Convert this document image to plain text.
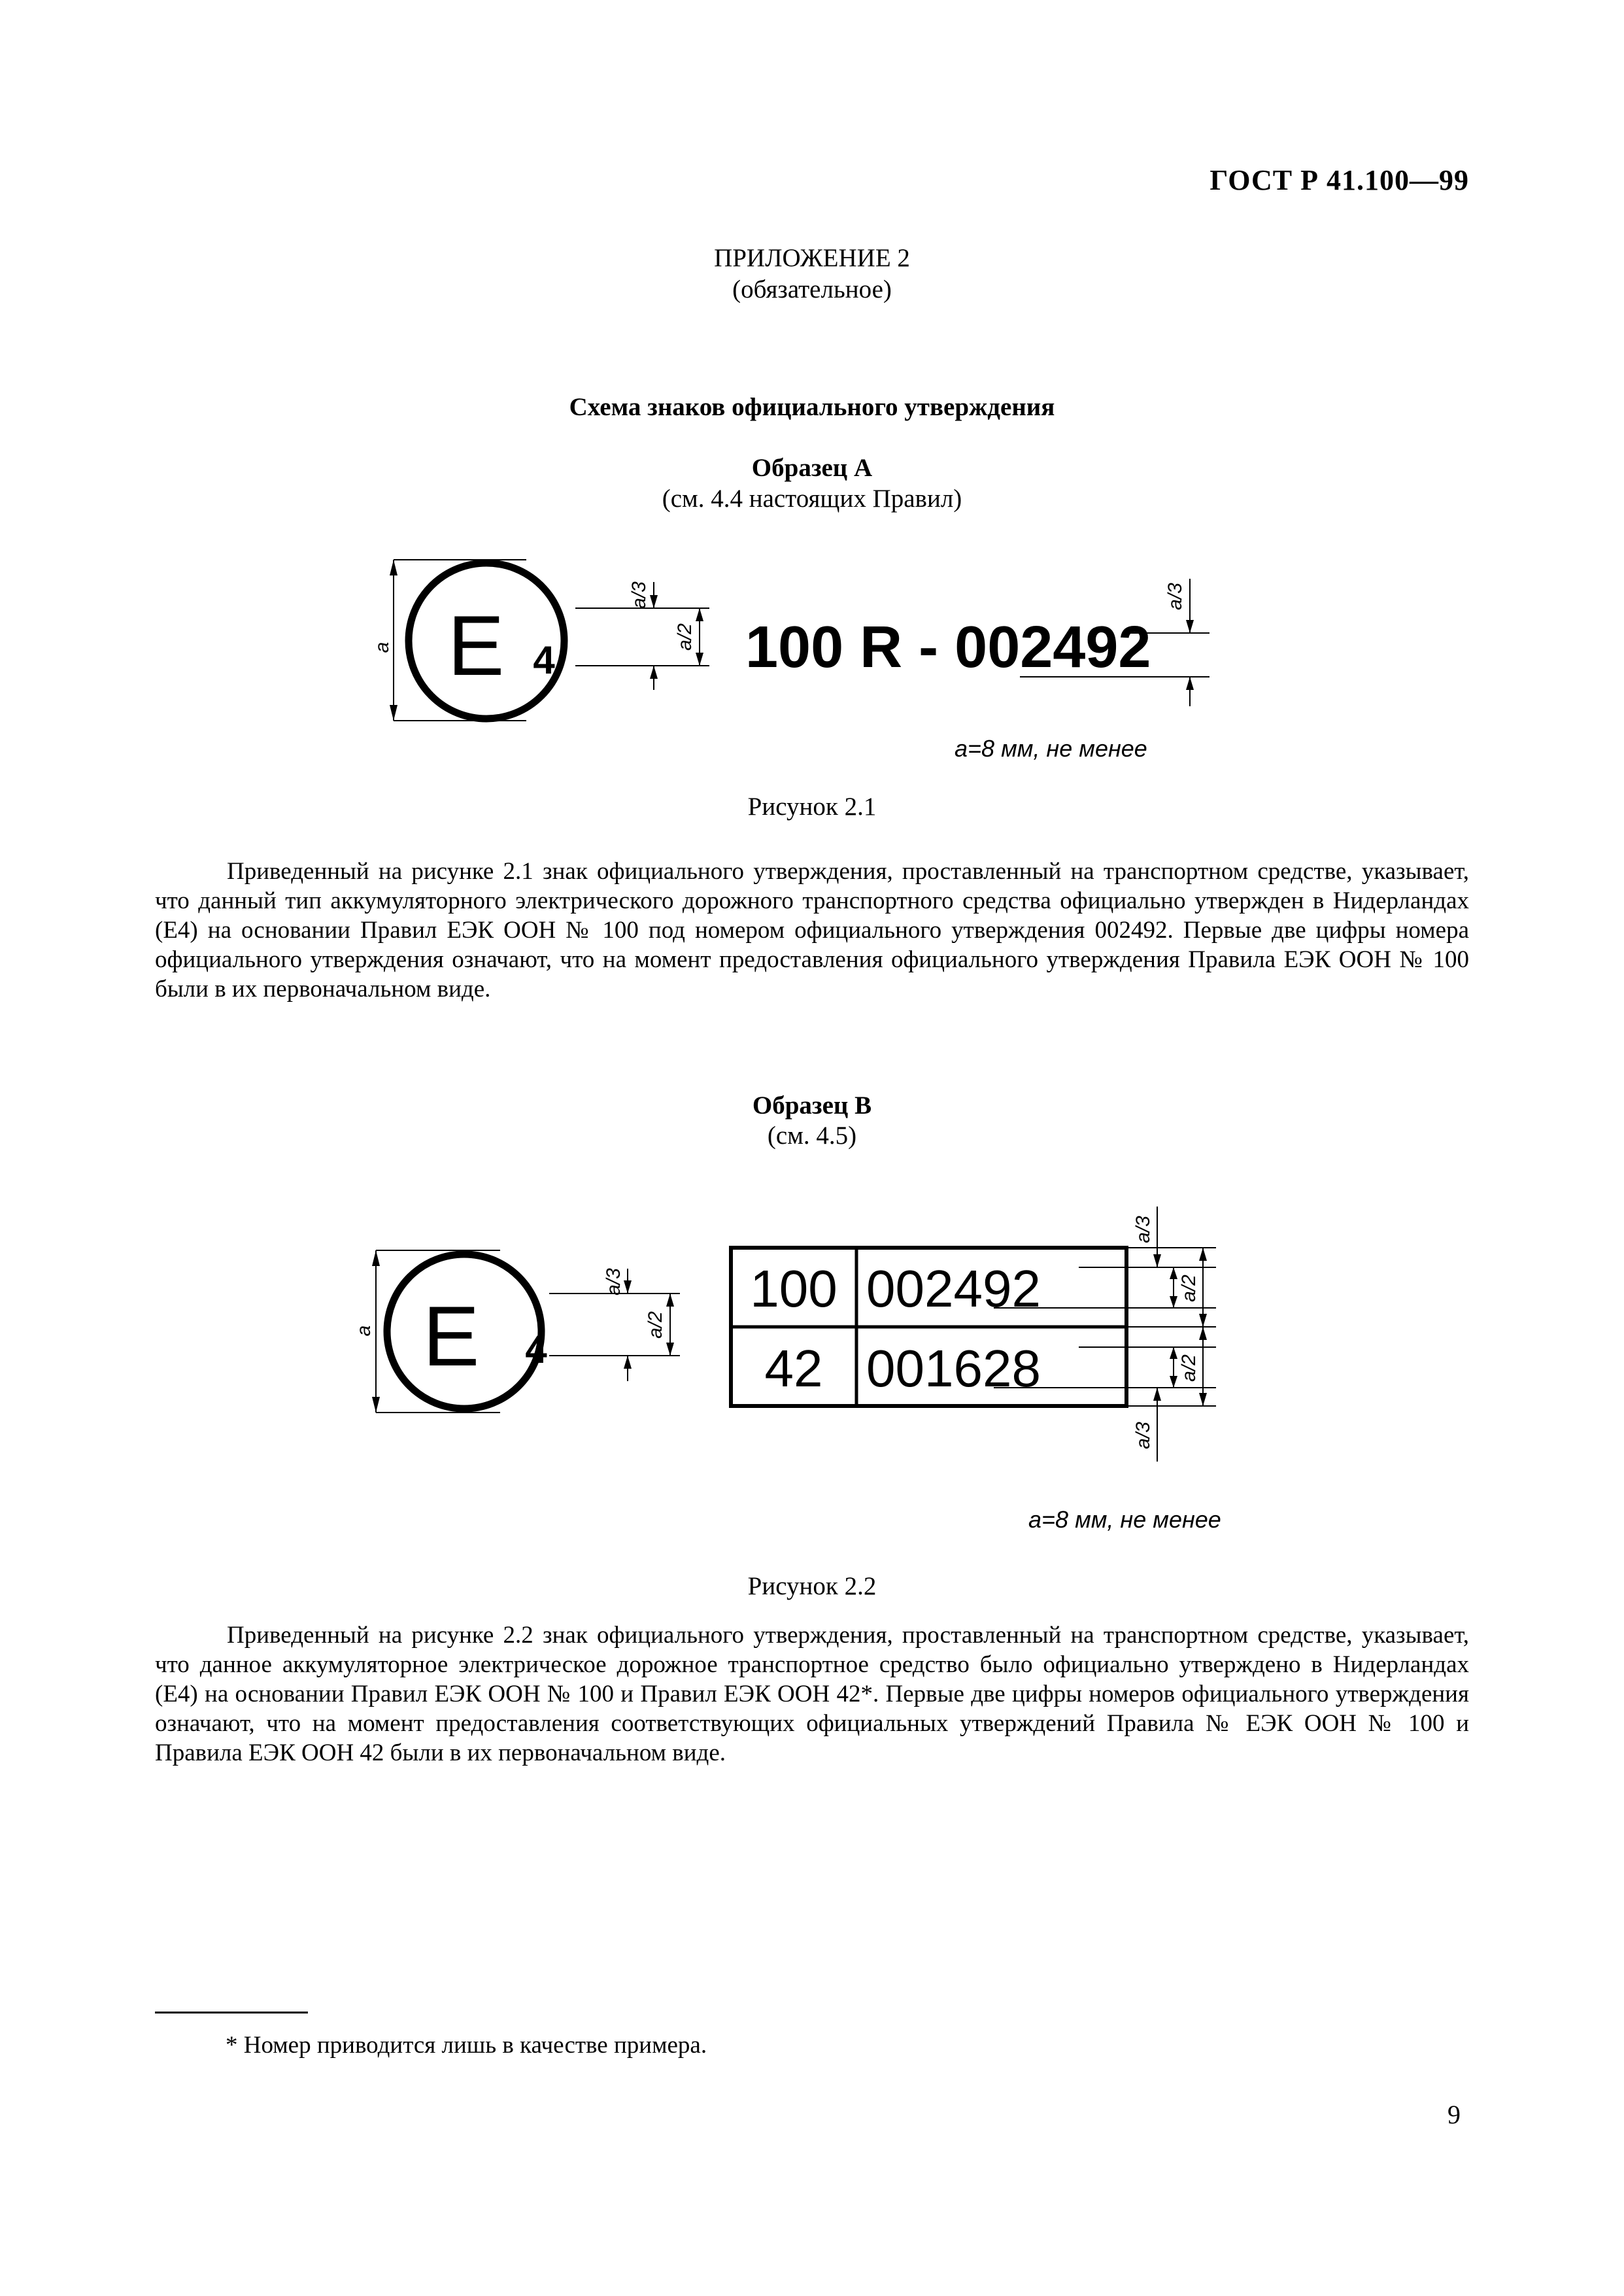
ГОСТ Р 41.100—99
ПРИЛОЖЕНИЕ 2
(обязательное)
Схема знаков официального утверждения
Образец А
(см. 4.4 настоящих Правил)
a E 4
a/3
a/2 100 R - 002492
a/3
a=8 мм, не менее
Рисунок 2.1
Приведенный на рисунке 2.1 знак официального утверждения, проставленный на транспортном средстве, указывает, что данный тип аккумуляторного электрического дорожного транспортного средства официально утвержден в Нидерландах (Е4) на основании Правил ЕЭК ООН № 100 под номером официального утверждения 002492. Первые две цифры номера официального утверждения означают, что на момент предоставления официального утверждения Правила ЕЭК ООН № 100 были в их первоначальном виде.
Образец В
(см. 4.5)
a E 4
a/3
a/2
100 002492
42 001628
a/3
a/2
a/2
a/3
a=8 мм, не менее
Рисунок 2.2
Приведенный на рисунке 2.2 знак официального утверждения, проставленный на транспортном средстве, указывает, что данное аккумуляторное электрическое дорожное транспортное средство было официально утверждено в Нидерландах (Е4) на основании Правил ЕЭК ООН № 100 и Правил ЕЭК ООН 42*. Первые две цифры номеров официального утверждения означают, что на момент предоставления соответствующих официальных утверждений Правила № ЕЭК ООН № 100 и Правила ЕЭК ООН 42 были в их первоначальном виде.
* Номер приводится лишь в качестве примера.
9
